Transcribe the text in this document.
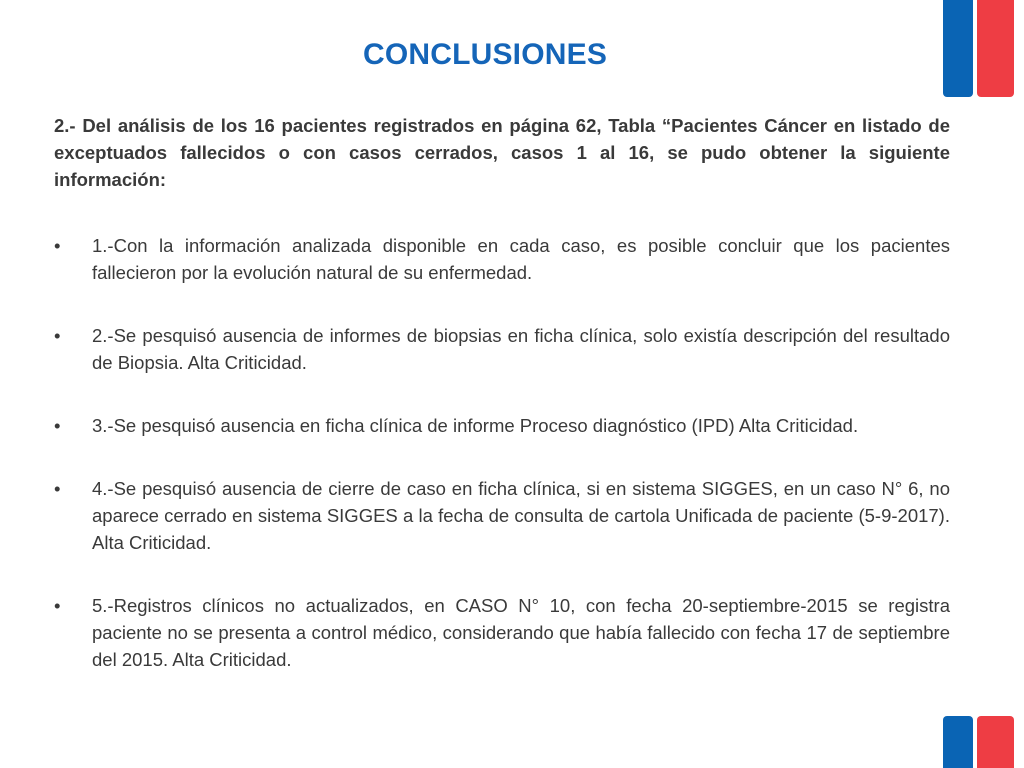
CONCLUSIONES

2.- Del análisis de los 16 pacientes registrados en página 62, Tabla “Pacientes Cáncer en listado de exceptuados fallecidos o con casos cerrados, casos 1 al 16, se pudo obtener la siguiente información:

•	1.-Con la información analizada disponible en cada caso, es posible concluir que los pacientes fallecieron por la evolución natural de su enfermedad.
•	2.-Se pesquisó ausencia de informes de biopsias en ficha clínica, solo existía descripción del resultado de Biopsia. Alta Criticidad.
•	3.-Se pesquisó ausencia en ficha clínica de informe Proceso diagnóstico (IPD) Alta Criticidad.
•	4.-Se pesquisó ausencia de cierre de caso en ficha clínica, si en sistema SIGGES, en un caso N° 6, no aparece cerrado en sistema SIGGES a la fecha de consulta de cartola Unificada de paciente (5-9-2017). Alta Criticidad.
•	5.-Registros clínicos no actualizados, en CASO N° 10, con fecha 20-septiembre-2015 se registra paciente no se presenta a control médico, considerando que había fallecido con fecha 17 de septiembre del 2015. Alta Criticidad.
